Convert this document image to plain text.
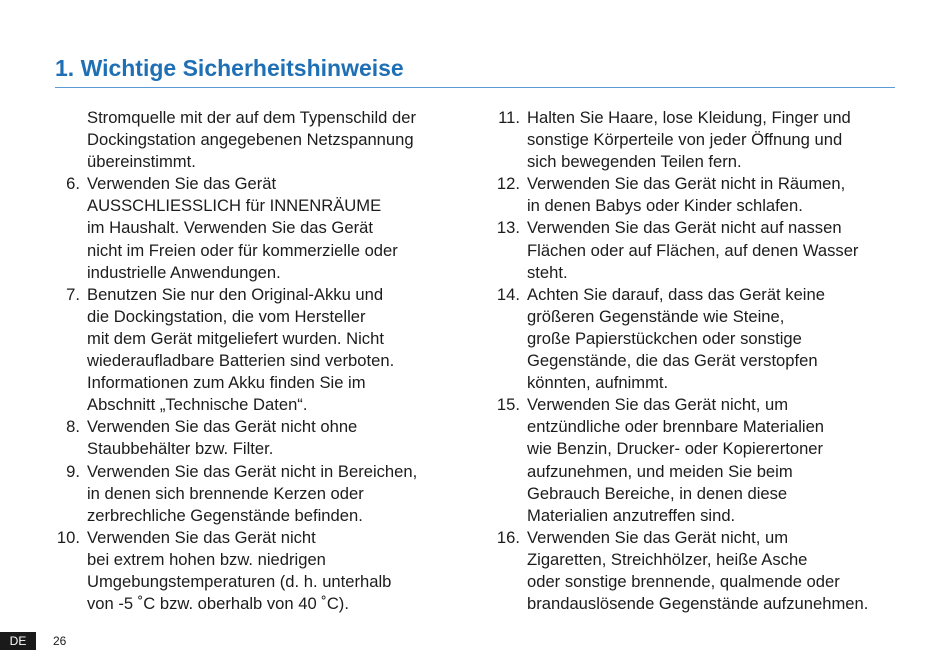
1. Wichtige Sicherheitshinweise
Stromquelle mit der auf dem Typenschild der
Dockingstation angegebenen Netzspannung
übereinstimmt.
6. Verwenden Sie das Gerät
AUSSCHLIESSLICH für INNENRÄUME
im Haushalt. Verwenden Sie das Gerät
nicht im Freien oder für kommerzielle oder
industrielle Anwendungen.
7. Benutzen Sie nur den Original-Akku und
die Dockingstation, die vom Hersteller
mit dem Gerät mitgeliefert wurden. Nicht
wiederaufladbare Batterien sind verboten.
Informationen zum Akku finden Sie im
Abschnitt „Technische Daten“.
8. Verwenden Sie das Gerät nicht ohne
Staubbehälter bzw. Filter.
9. Verwenden Sie das Gerät nicht in Bereichen,
in denen sich brennende Kerzen oder
zerbrechliche Gegenstände befinden.
10. Verwenden Sie das Gerät nicht
bei extrem hohen bzw. niedrigen
Umgebungstemperaturen (d. h. unterhalb
von -5 ˚C bzw. oberhalb von 40 ˚C).
11. Halten Sie Haare, lose Kleidung, Finger und
sonstige Körperteile von jeder Öffnung und
sich bewegenden Teilen fern.
12. Verwenden Sie das Gerät nicht in Räumen,
in denen Babys oder Kinder schlafen.
13. Verwenden Sie das Gerät nicht auf nassen
Flächen oder auf Flächen, auf denen Wasser
steht.
14. Achten Sie darauf, dass das Gerät keine
größeren Gegenstände wie Steine,
große Papierstückchen oder sonstige
Gegenstände, die das Gerät verstopfen
könnten, aufnimmt.
15. Verwenden Sie das Gerät nicht, um
entzündliche oder brennbare Materialien
wie Benzin, Drucker- oder Kopierertoner
aufzunehmen, und meiden Sie beim
Gebrauch Bereiche, in denen diese
Materialien anzutreffen sind.
16. Verwenden Sie das Gerät nicht, um
Zigaretten, Streichhölzer, heiße Asche
oder sonstige brennende, qualmende oder
brandauslösende Gegenstände aufzunehmen.
DE	26
